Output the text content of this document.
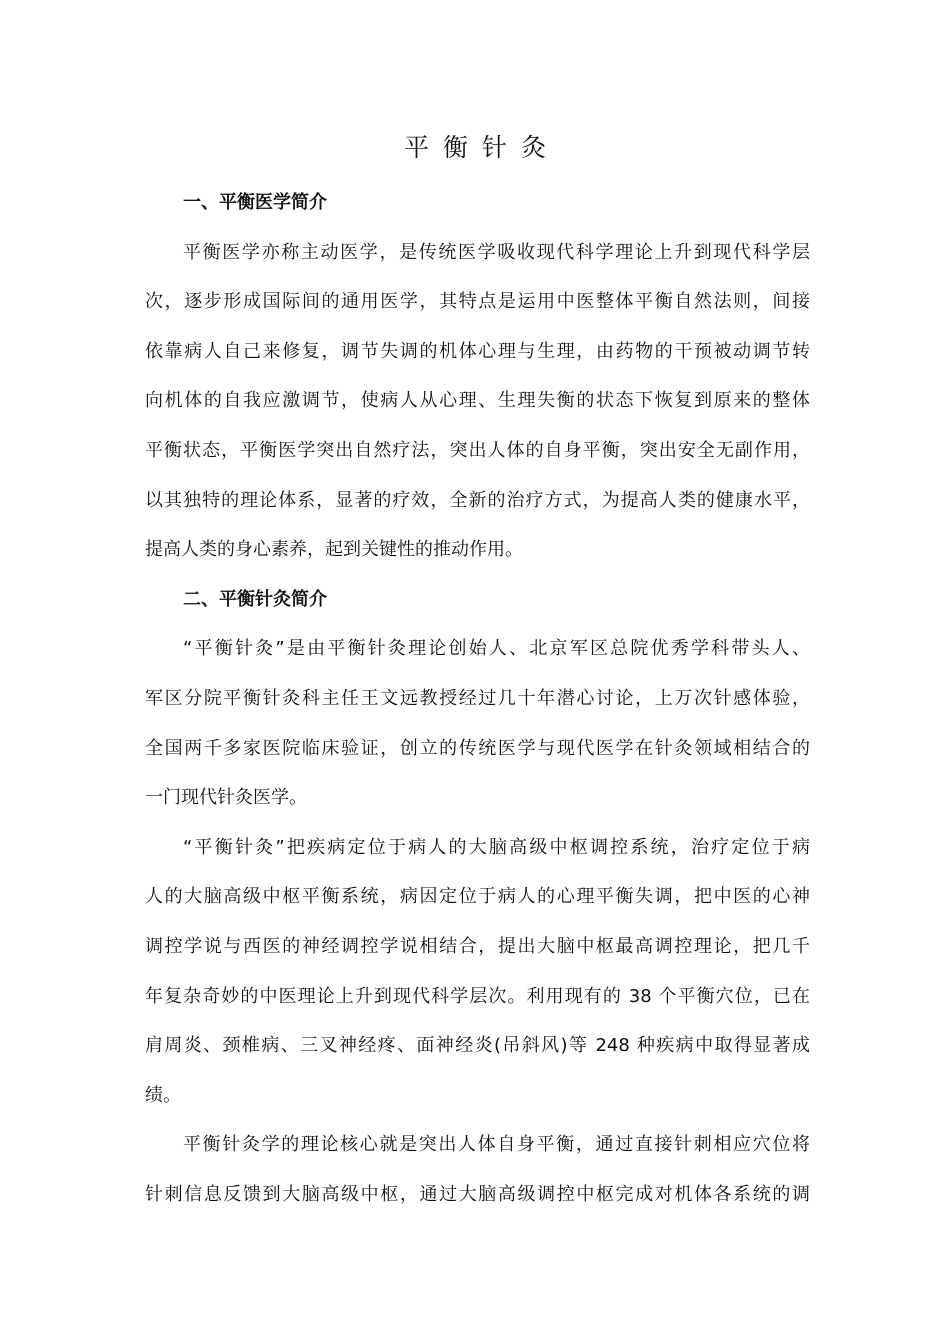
平衡针灸
一、平衡医学简介

平衡医学亦称主动医学，是传统医学吸收现代科学理论上升到现代科学层
次，逐步形成国际间的通用医学，其特点是运用中医整体平衡自然法则，间接
依靠病人自己来修复，调节失调的机体心理与生理，由药物的干预被动调节转
向机体的自我应激调节，使病人从心理、生理失衡的状态下恢复到原来的整体
平衡状态，平衡医学突出自然疗法，突出人体的自身平衡，突出安全无副作用，
以其独特的理论体系，显著的疗效，全新的治疗方式，为提高人类的健康水平，
提高人类的身心素养，起到关键性的推动作用。

二、平衡针灸简介

“平衡针灸”是由平衡针灸理论创始人、北京军区总院优秀学科带头人、
军区分院平衡针灸科主任王文远教授经过几十年潜心讨论，上万次针感体验，
全国两千多家医院临床验证，创立的传统医学与现代医学在针灸领域相结合的
一门现代针灸医学。

“平衡针灸”把疾病定位于病人的大脑高级中枢调控系统，治疗定位于病
人的大脑高级中枢平衡系统，病因定位于病人的心理平衡失调，把中医的心神
调控学说与西医的神经调控学说相结合，提出大脑中枢最高调控理论，把几千
年复杂奇妙的中医理论上升到现代科学层次。利用现有的 38 个平衡穴位，已在
肩周炎、颈椎病、三叉神经疼、面神经炎(吊斜风)等 248 种疾病中取得显著成
绩。

平衡针灸学的理论核心就是突出人体自身平衡，通过直接针刺相应穴位将
针刺信息反馈到大脑高级中枢，通过大脑高级调控中枢完成对机体各系统的调
